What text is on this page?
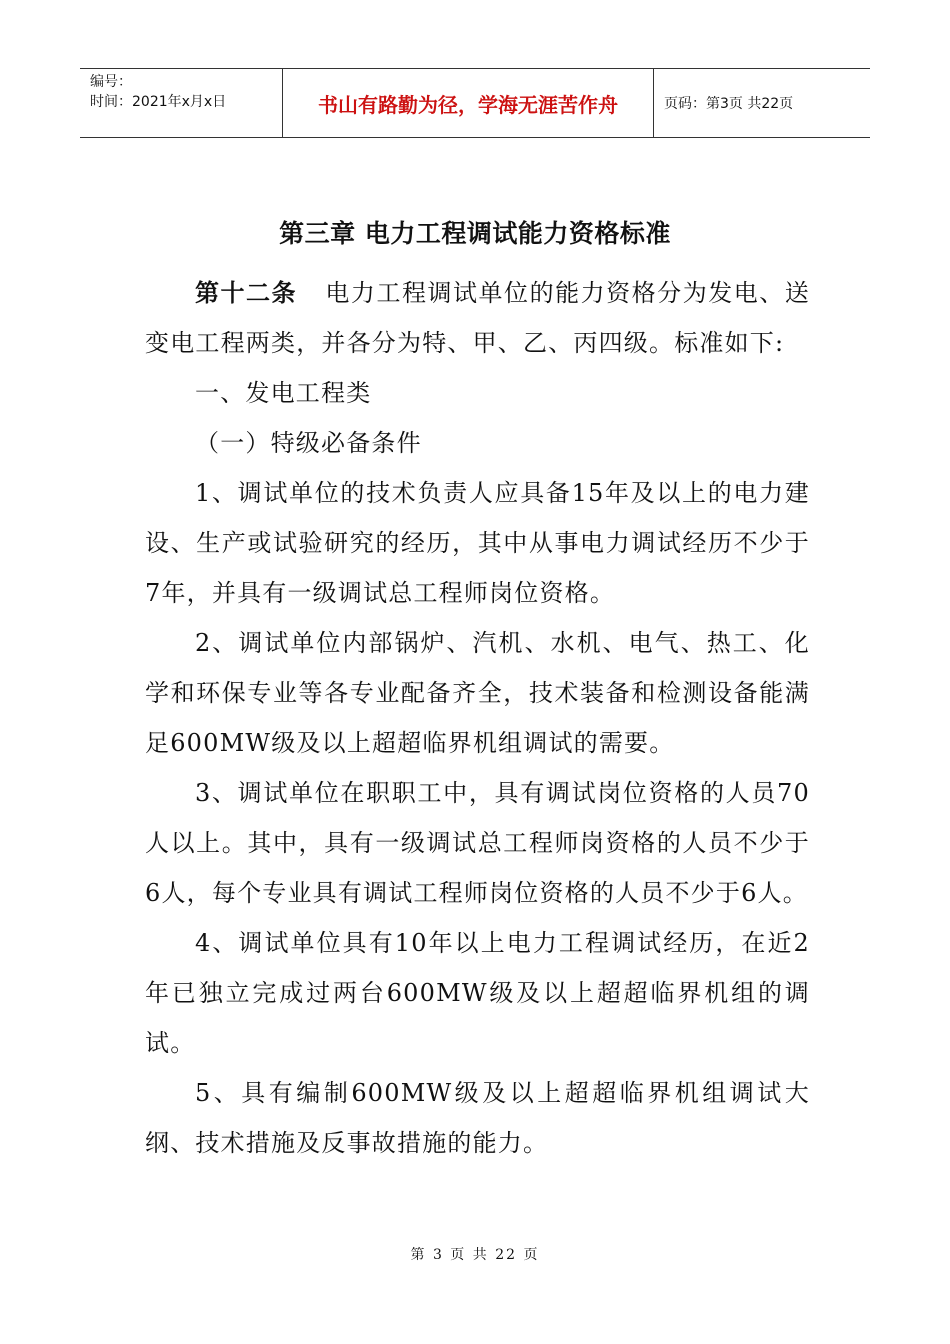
编号：
时间：2021年x月x日	书山有路勤为径，学海无涯苦作舟	页码：第3页 共22页
第三章 电力工程调试能力资格标准

第十二条 电力工程调试单位的能力资格分为发电、送变电工程两类，并各分为特、甲、乙、丙四级。标准如下:

一、发电工程类

（一）特级必备条件

1、调试单位的技术负责人应具备15年及以上的电力建设、生产或试验研究的经历，其中从事电力调试经历不少于7年，并具有一级调试总工程师岗位资格。

2、调试单位内部锅炉、汽机、水机、电气、热工、化学和环保专业等各专业配备齐全，技术装备和检测设备能满足600MW级及以上超超临界机组调试的需要。

3、调试单位在职职工中，具有调试岗位资格的人员70人以上。其中，具有一级调试总工程师岗资格的人员不少于6人，每个专业具有调试工程师岗位资格的人员不少于6人。

4、调试单位具有10年以上电力工程调试经历，在近2年已独立完成过两台600MW级及以上超超临界机组的调试。

5、具有编制600MW级及以上超超临界机组调试大纲、技术措施及反事故措施的能力。

第 3 页 共 22 页
